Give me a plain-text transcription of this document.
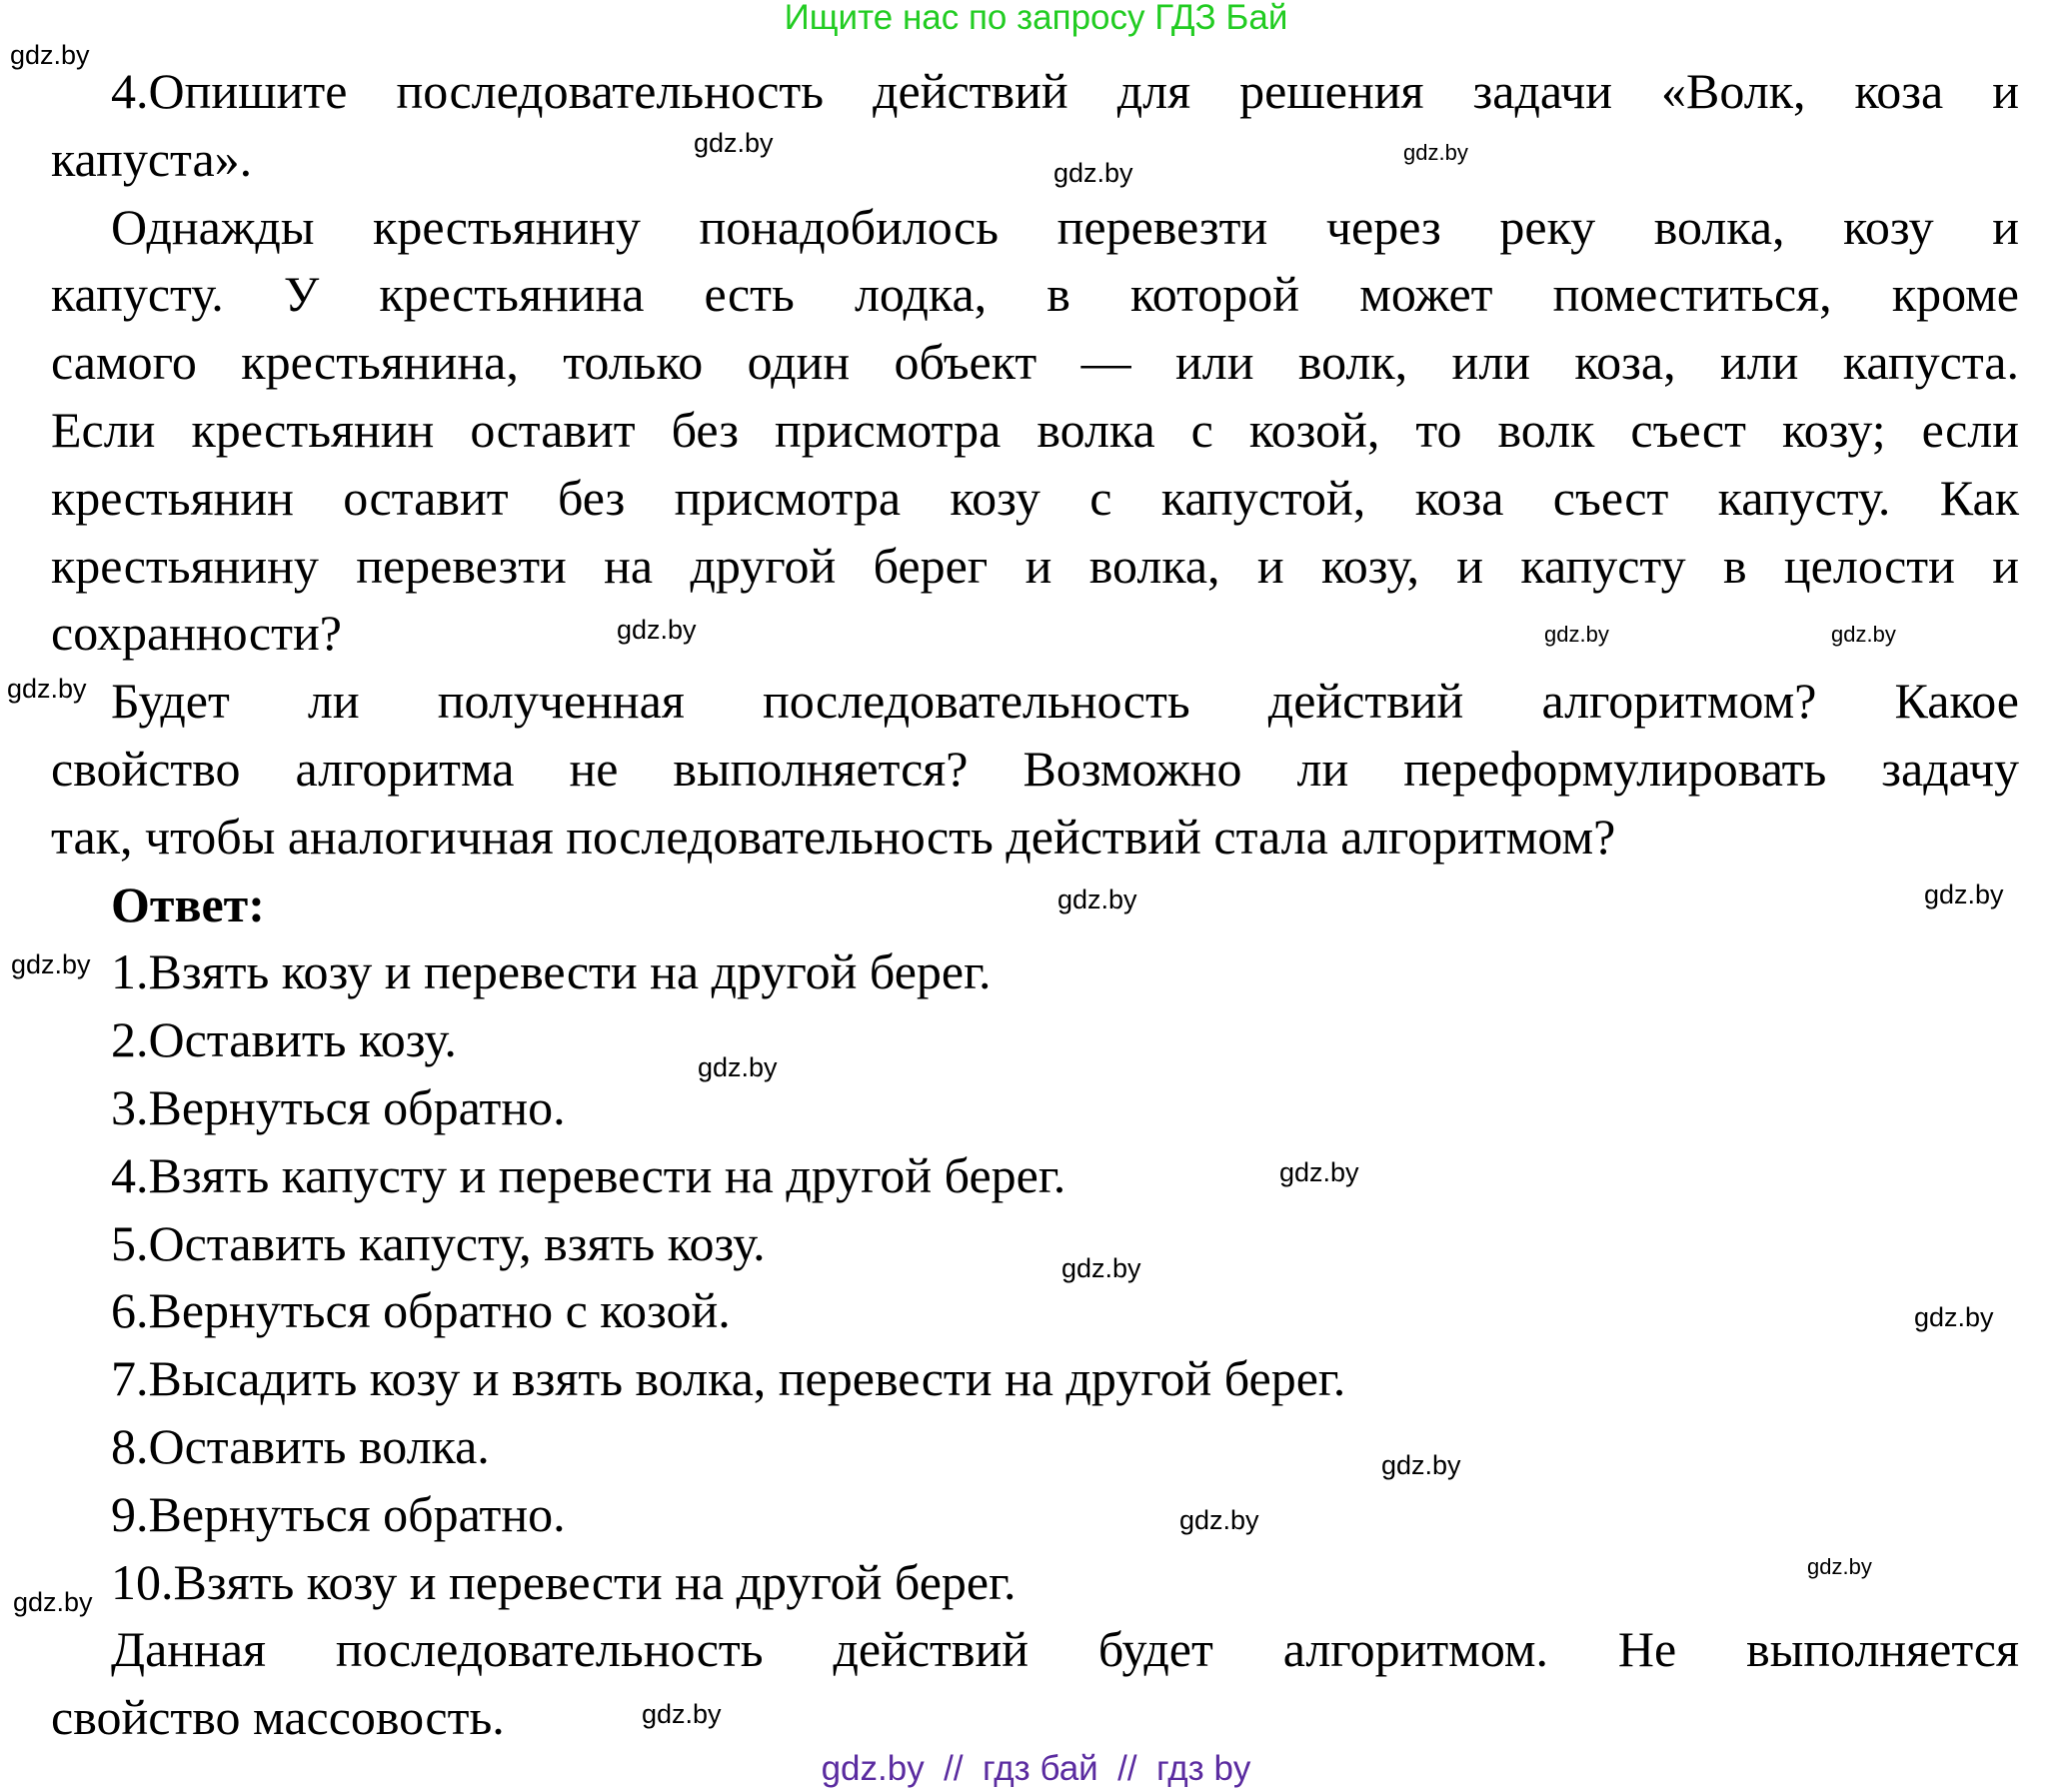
Ищите нас по запросу ГДЗ Бай
4.Опишите последовательность действий для решения задачи «Волк, коза и
капуста».
Однажды крестьянину понадобилось перевезти через реку волка, козу и
капусту. У крестьянина есть лодка, в которой может поместиться, кроме
самого крестьянина, только один объект — или волк, или коза, или капуста.
Если крестьянин оставит без присмотра волка с козой, то волк съест козу; если
крестьянин оставит без присмотра козу с капустой, коза съест капусту. Как
крестьянину перевезти на другой берег и волка, и козу, и капусту в целости и
сохранности?
Будет ли полученная последовательность действий алгоритмом? Какое
свойство алгоритма не выполняется? Возможно ли переформулировать задачу
так, чтобы аналогичная последовательность действий стала алгоритмом?
Ответ:
1.Взять козу и перевести на другой берег.
2.Оставить козу.
3.Вернуться обратно.
4.Взять капусту и перевести на другой берег.
5.Оставить капусту, взять козу.
6.Вернуться обратно с козой.
7.Высадить козу и взять волка, перевести на другой берег.
8.Оставить волка.
9.Вернуться обратно.
10.Взять козу и перевести на другой берег.
Данная последовательность действий будет алгоритмом. Не выполняется
свойство массовость.
gdz.by
gdz.by
gdz.by
gdz.by
gdz.by
gdz.by
gdz.by
gdz.by
gdz.by
gdz.by
gdz.by
gdz.by
gdz.by
gdz.by
gdz.by
gdz.by
gdz.by
gdz.by
gdz.by
gdz.by
gdz.by  //  гдз бай  //  гдз by
